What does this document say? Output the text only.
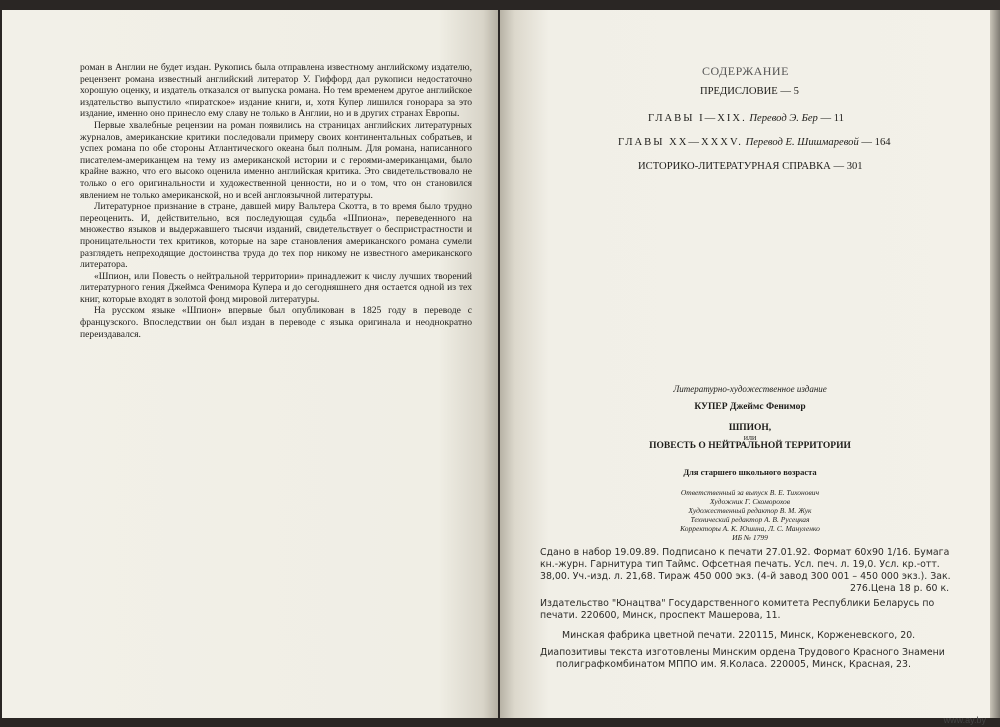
роман в Англии не будет издан. Рукопись была отправлена известному английскому издателю, рецензент романа известный английский литератор У. Гиффорд дал рукописи недостаточно хорошую оценку, и издатель отказался от выпуска романа. Но тем временем другое английское издательство выпустило «пиратское» издание книги, и, хотя Купер лишился гонорара за это издание, именно оно принесло ему славу не только в Англии, но и в других странах Европы.

Первые хвалебные рецензии на роман появились на страницах английских литературных журналов, американские критики последовали примеру своих континентальных собратьев, и успех романа по обе стороны Атлантического океана был полным. Для романа, написанного писателем-американцем на тему из американской истории и с героями-американцами, было крайне важно, что его высоко оценила именно английская критика. Это свидетельствовало не только о его оригинальности и художественной ценности, но и о том, что он становился явлением не только американской, но и всей англоязычной литературы.

Литературное признание в стране, давшей миру Вальтера Скотта, в то время было трудно переоценить. И, действительно, вся последующая судьба «Шпиона», переведенного на множество языков и выдержавшего тысячи изданий, свидетельствует о беспристрастности и проницательности тех критиков, которые на заре становления американского романа сумели разглядеть непреходящие достоинства труда до тех пор никому не известного американского литератора.

«Шпион, или Повесть о нейтральной территории» принадлежит к числу лучших творений литературного гения Джеймса Фенимора Купера и до сегодняшнего дня остается одной из тех книг, которые входят в золотой фонд мировой литературы.

На русском языке «Шпион» впервые был опубликован в 1825 году в переводе с французского. Впоследствии он был издан в переводе с языка оригинала и неоднократно переиздавался.

СОДЕРЖАНИЕ
ПРЕДИСЛОВИЕ — 5
ГЛАВЫ I—XIX. Перевод Э. Бер — 11
ГЛАВЫ XX—XXXV. Перевод Е. Шишмаревой — 164
ИСТОРИКО-ЛИТЕРАТУРНАЯ СПРАВКА — 301
Литературно-художественное издание
КУПЕР Джеймс Фенимор
ШПИОН,
или
ПОВЕСТЬ О НЕЙТРАЛЬНОЙ ТЕРРИТОРИИ
Для старшего школьного возраста
Ответственный за выпуск В. Е. Тихонович
Художник Г. Скоморохов
Художественный редактор В. М. Жук
Технический редактор А. В. Русецкая
Корректоры А. К. Юшина, Л. С. Мануленко
ИБ № 1799
Сдано в набор 19.09.89. Подписано к печати 27.01.92. Формат 60х90 1/16. Бумага
кн.-журн. Гарнитура тип Таймс. Офсетная печать. Усл. печ. л. 19,0. Усл. кр.-отт.
38,00. Уч.-изд. л. 21,68. Тираж 450 000 экз. (4-й завод 300 001 – 450 000 экз.). Зак.
276.Цена 18 р. 60 к.
Издательство "Юнацтва" Государственного комитета Республики Беларусь по
печати. 220600, Минск, проспект Машерова, 11.
Минская фабрика цветной печати. 220115, Минск, Корженевского, 20.
Диапозитивы текста изготовлены Минским ордена Трудового Красного Знамени
полиграфкомбинатом МППО им. Я.Коласа. 220005, Минск, Красная, 23.
www.ay.by
